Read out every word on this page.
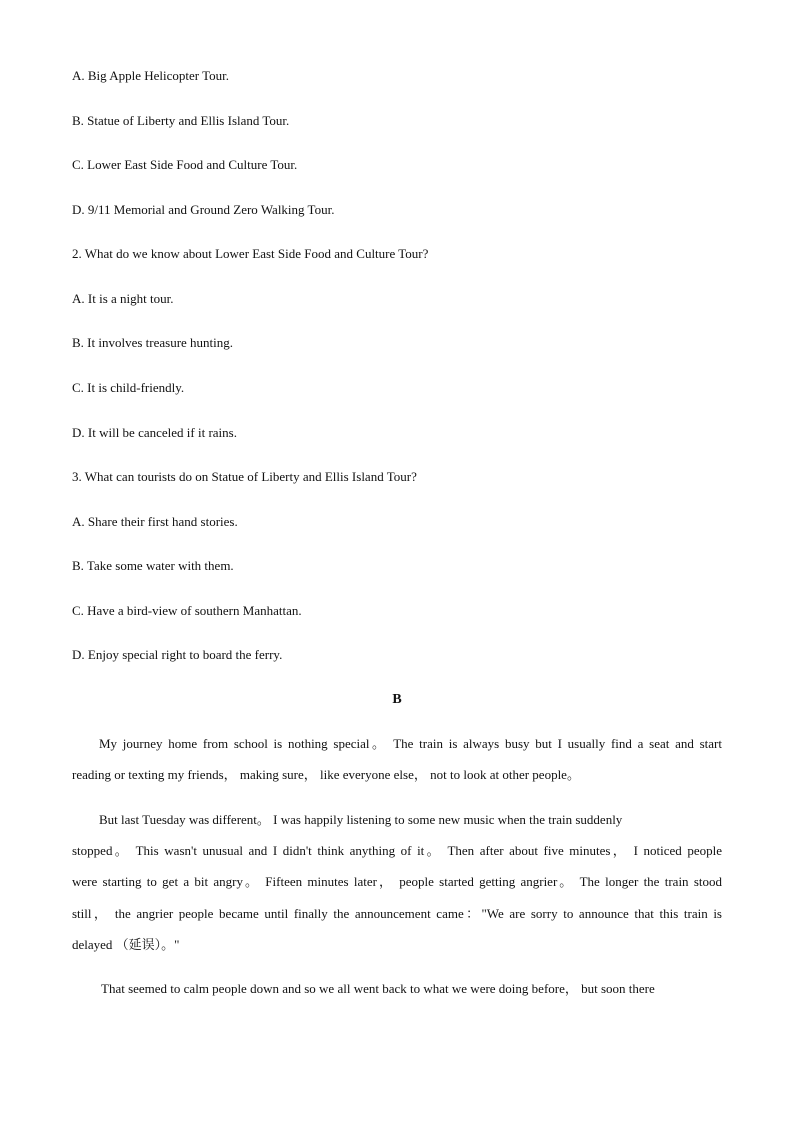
A. Big Apple Helicopter Tour.
B. Statue of Liberty and Ellis Island Tour.
C. Lower East Side Food and Culture Tour.
D. 9/11 Memorial and Ground Zero Walking Tour.
2. What do we know about Lower East Side Food and Culture Tour?
A. It is a night tour.
B. It involves treasure hunting.
C. It is child-friendly.
D. It will be canceled if it rains.
3. What can tourists do on Statue of Liberty and Ellis Island Tour?
A. Share their first hand stories.
B. Take some water with them.
C. Have a bird-view of southern Manhattan.
D. Enjoy special right to board the ferry.
B
My journey home from school is nothing special。 The train is always busy but I usually find a seat and start
reading or texting my friends， making sure， like everyone else， not to look at other people。
But last Tuesday was different。 I was happily listening to some new music when the train suddenly
stopped。 This wasn't unusual and I didn't think anything of it。 Then after about five minutes， I noticed people
were starting to get a bit angry。 Fifteen minutes later， people started getting angrier。 The longer the train stood
still， the angrier people became until finally the announcement came："We are sorry to announce that this train is
delayed （延误）。"
That seemed to calm people down and so we all went back to what we were doing before， but soon there
